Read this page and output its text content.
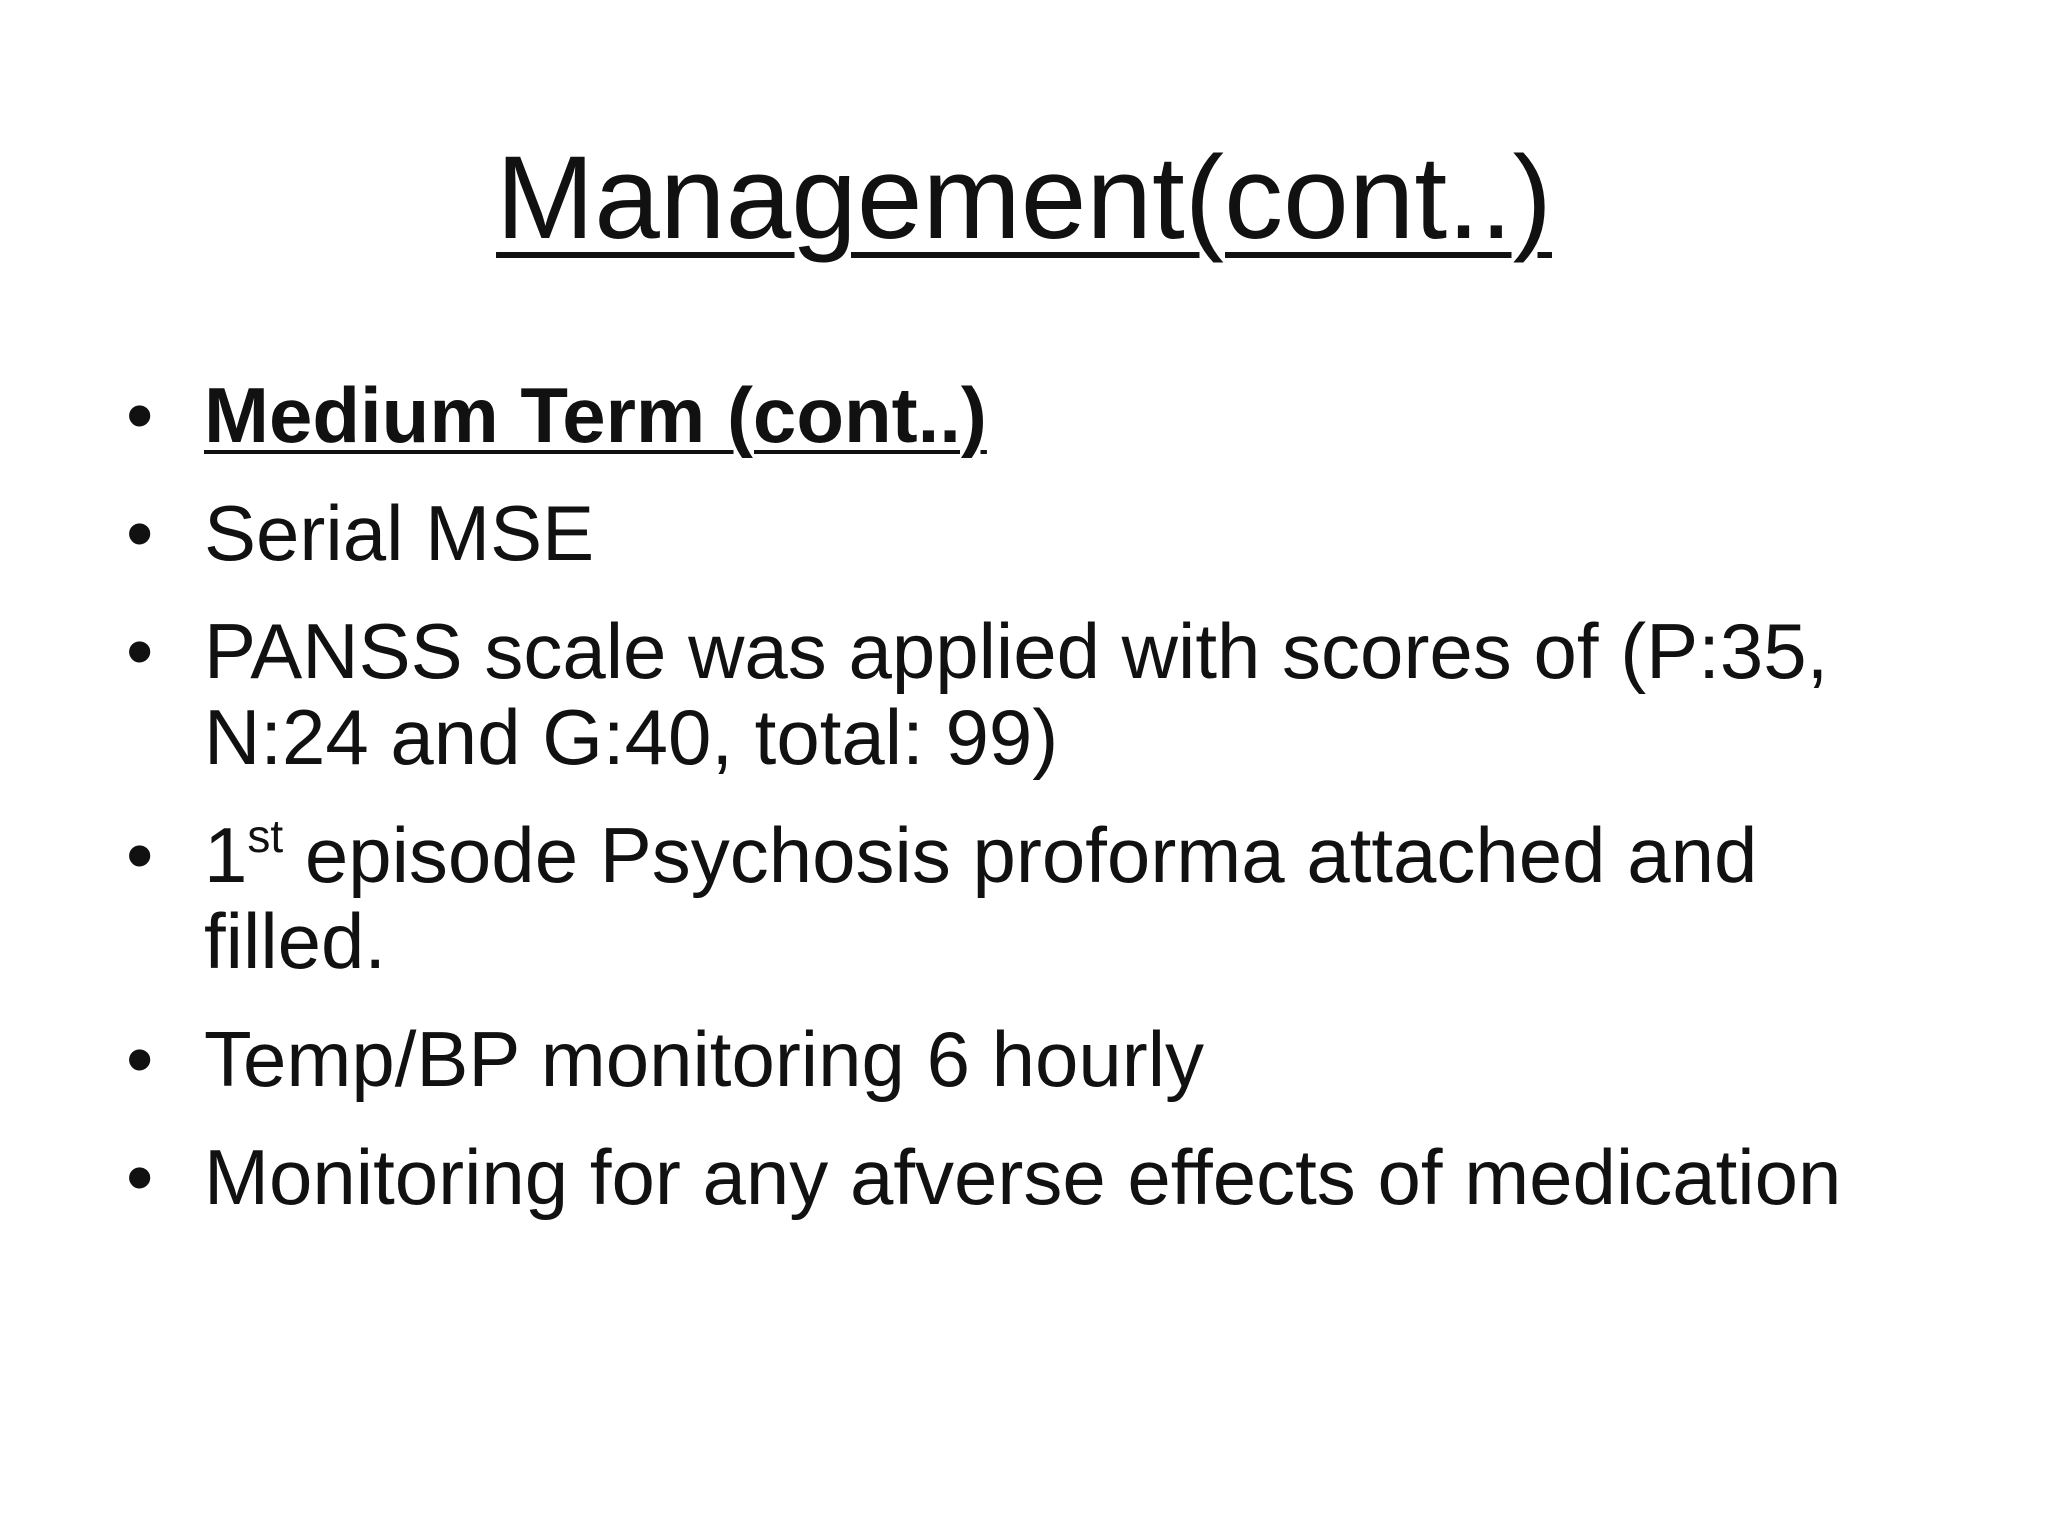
Management(cont..)
• Medium Term (cont..)
• Serial MSE
• PANSS scale was applied with scores of (P:35, N:24 and G:40, total: 99)
• 1st episode Psychosis proforma attached and filled.
• Temp/BP monitoring 6 hourly
• Monitoring for any afverse effects of medication
